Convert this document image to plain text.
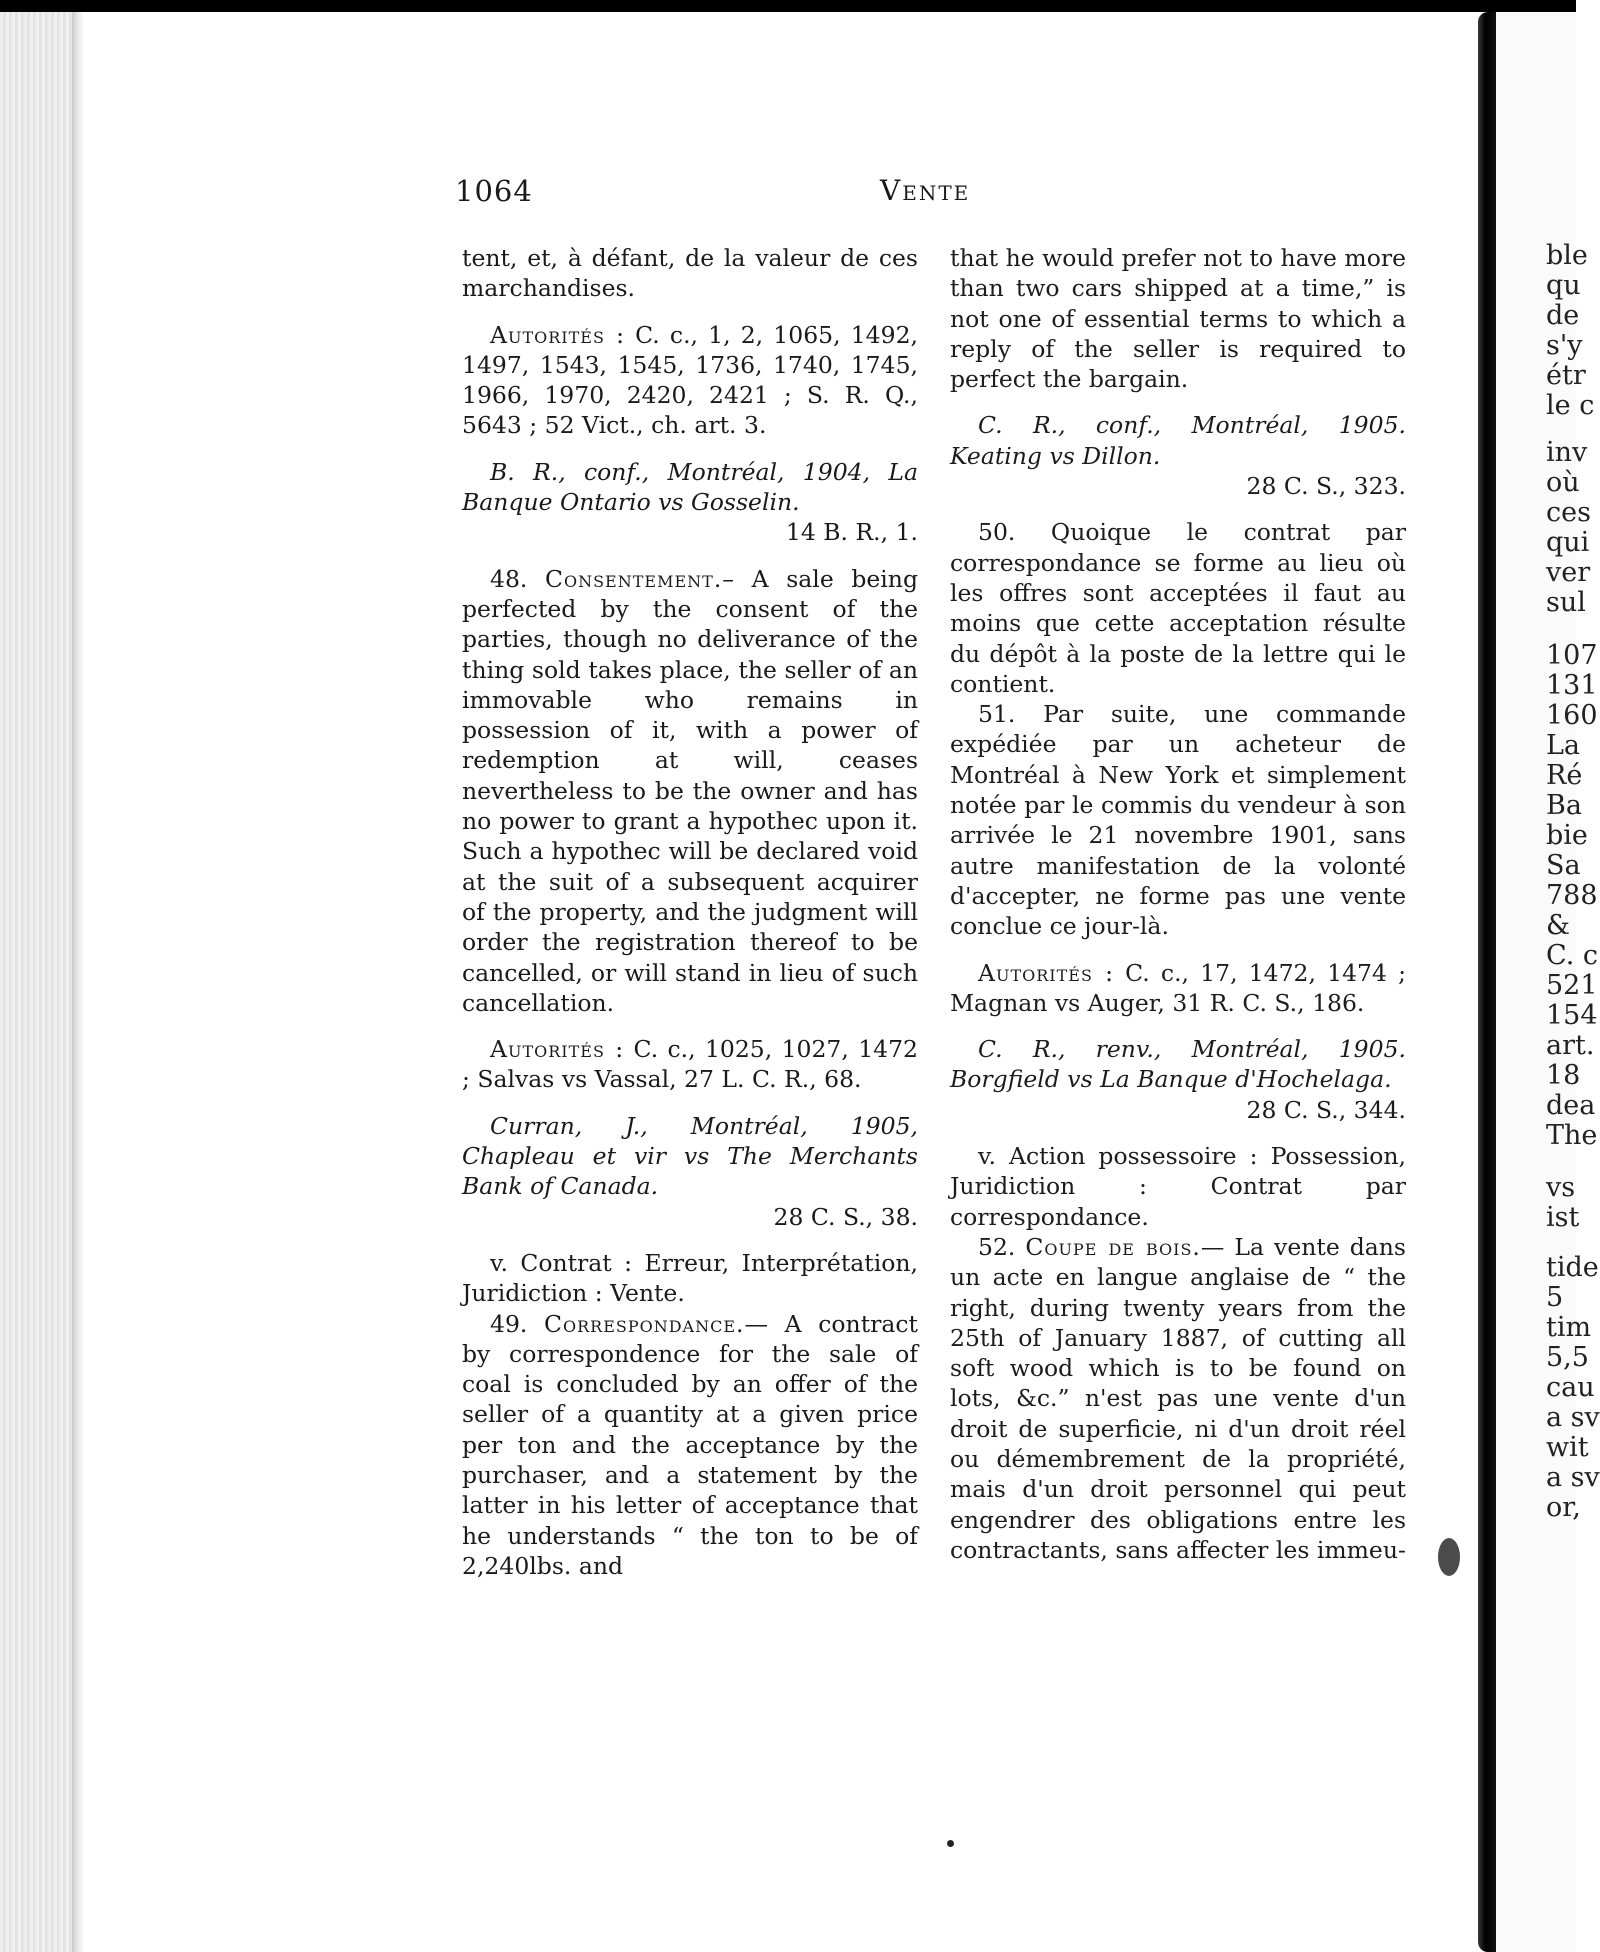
ble
qu
de
s'y
étr
le c
inv
où
ces
qui
ver
sul
107
131
160
La
Ré
Ba
bie
Sa
788
&
C. c
521
154
art.
18
dea
The
vs
ist
tide
5
tim
5,5
cau
a sv
wit
a sv
or,
1064	Vente

tent, et, à défant, de la valeur de ces marchandises.

Autorités : C. c., 1, 2, 1065, 1492, 1497, 1543, 1545, 1736, 1740, 1745, 1966, 1970, 2420, 2421 ; S. R. Q., 5643 ; 52 Vict., ch. art. 3.

B. R., conf., Montréal, 1904, La Banque Ontario vs Gosselin.

14 B. R., 1.

48. Consentement.– A sale being perfected by the consent of the parties, though no deliverance of the thing sold takes place, the seller of an immovable who remains in possession of it, with a power of redemption at will, ceases nevertheless to be the owner and has no power to grant a hypothec upon it. Such a hypothec will be declared void at the suit of a subsequent acquirer of the property, and the judgment will order the registration thereof to be cancelled, or will stand in lieu of such cancellation.

Autorités : C. c., 1025, 1027, 1472 ; Salvas vs Vassal, 27 L. C. R., 68.

Curran, J., Montréal, 1905, Chapleau et vir vs The Merchants Bank of Canada.

28 C. S., 38.

v. Contrat : Erreur, Interprétation, Juridiction : Vente.

49. Correspondance.— A contract by correspondence for the sale of coal is concluded by an offer of the seller of a quantity at a given price per ton and the acceptance by the purchaser, and a statement by the latter in his letter of acceptance that he understands “ the ton to be of 2,240lbs. and

that he would prefer not to have more than two cars shipped at a time,” is not one of essential terms to which a reply of the seller is required to perfect the bargain.

C. R., conf., Montréal, 1905. Keating vs Dillon.

28 C. S., 323.

50. Quoique le contrat par correspondance se forme au lieu où les offres sont acceptées il faut au moins que cette acceptation résulte du dépôt à la poste de la lettre qui le contient.

51. Par suite, une commande expédiée par un acheteur de Montréal à New York et simplement notée par le commis du vendeur à son arrivée le 21 novembre 1901, sans autre manifestation de la volonté d'accepter, ne forme pas une vente conclue ce jour-là.

Autorités : C. c., 17, 1472, 1474 ; Magnan vs Auger, 31 R. C. S., 186.

C. R., renv., Montréal, 1905. Borgfield vs La Banque d'Hochelaga.

28 C. S., 344.

v. Action possessoire : Possession, Juridiction : Contrat par correspondance.

52. Coupe de bois.— La vente dans un acte en langue anglaise de “ the right, during twenty years from the 25th of January 1887, of cutting all soft wood which is to be found on lots, &c.” n'est pas une vente d'un droit de superficie, ni d'un droit réel ou démembrement de la propriété, mais d'un droit personnel qui peut engendrer des obligations entre les contractants, sans affecter les immeu-
